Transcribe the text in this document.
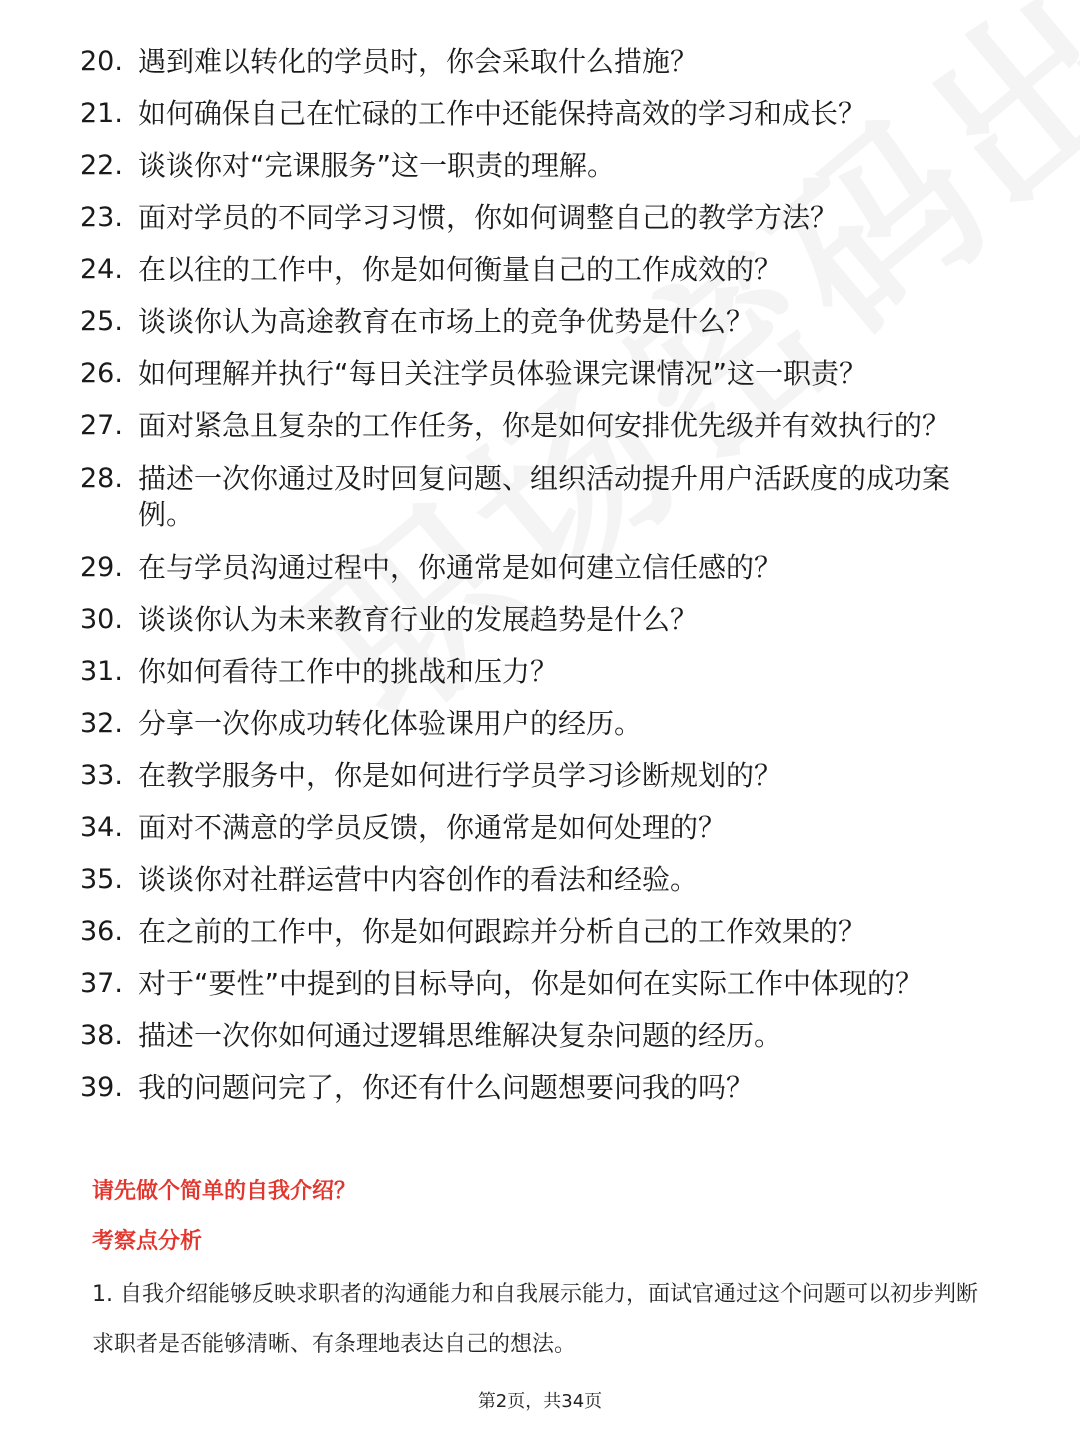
20. 遇到难以转化的学员时，你会采取什么措施？
21. 如何确保自己在忙碌的工作中还能保持高效的学习和成长？
22. 谈谈你对“完课服务”这一职责的理解。
23. 面对学员的不同学习习惯，你如何调整自己的教学方法？
24. 在以往的工作中，你是如何衡量自己的工作成效的？
25. 谈谈你认为高途教育在市场上的竞争优势是什么？
26. 如何理解并执行“每日关注学员体验课完课情况”这一职责？
27. 面对紧急且复杂的工作任务，你是如何安排优先级并有效执行的？
28. 描述一次你通过及时回复问题、组织活动提升用户活跃度的成功案例。
29. 在与学员沟通过程中，你通常是如何建立信任感的？
30. 谈谈你认为未来教育行业的发展趋势是什么？
31. 你如何看待工作中的挑战和压力？
32. 分享一次你成功转化体验课用户的经历。
33. 在教学服务中，你是如何进行学员学习诊断规划的？
34. 面对不满意的学员反馈，你通常是如何处理的？
35. 谈谈你对社群运营中内容创作的看法和经验。
36. 在之前的工作中，你是如何跟踪并分析自己的工作效果的？
37. 对于“要性”中提到的目标导向，你是如何在实际工作中体现的？
38. 描述一次你如何通过逻辑思维解决复杂问题的经历。
39. 我的问题问完了，你还有什么问题想要问我的吗？
请先做个简单的自我介绍？
考察点分析
1. 自我介绍能够反映求职者的沟通能力和自我展示能力，面试官通过这个问题可以初步判断求职者是否能够清晰、有条理地表达自己的想法。
第2页，共34页
